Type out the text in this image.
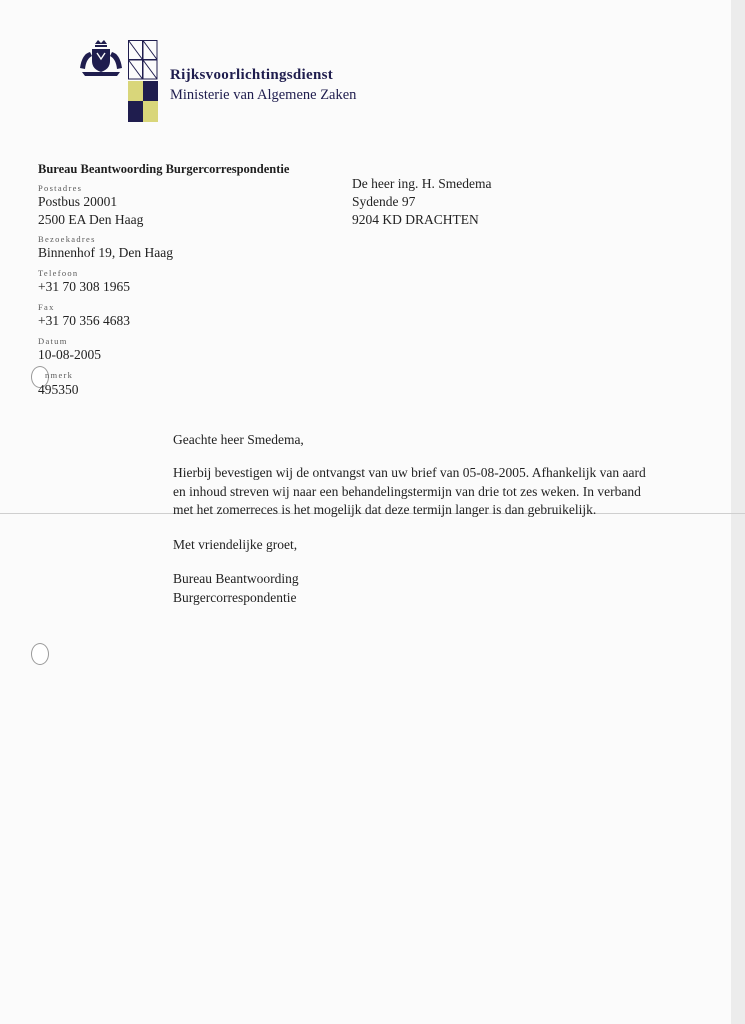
Rijksvoorlichtingsdienst
Ministerie van Algemene Zaken
Bureau Beantwoording Burgercorrespondentie
Postadres
Postbus 20001
2500 EA Den Haag
Bezoekadres
Binnenhof 19, Den Haag
Telefoon
+31 70 308 1965
Fax
+31 70 356 4683
Datum
10-08-2005
nmerk
495350
De heer ing. H. Smedema
Sydende 97
9204 KD DRACHTEN
Geachte heer Smedema,
Hierbij bevestigen wij de ontvangst van uw brief van 05-08-2005. Afhankelijk van aard
en inhoud streven wij naar een behandelingstermijn van drie tot zes weken. In verband
met het zomerreces is het mogelijk dat deze termijn langer is dan gebruikelijk.
Met vriendelijke groet,
Bureau Beantwoording
Burgercorrespondentie
